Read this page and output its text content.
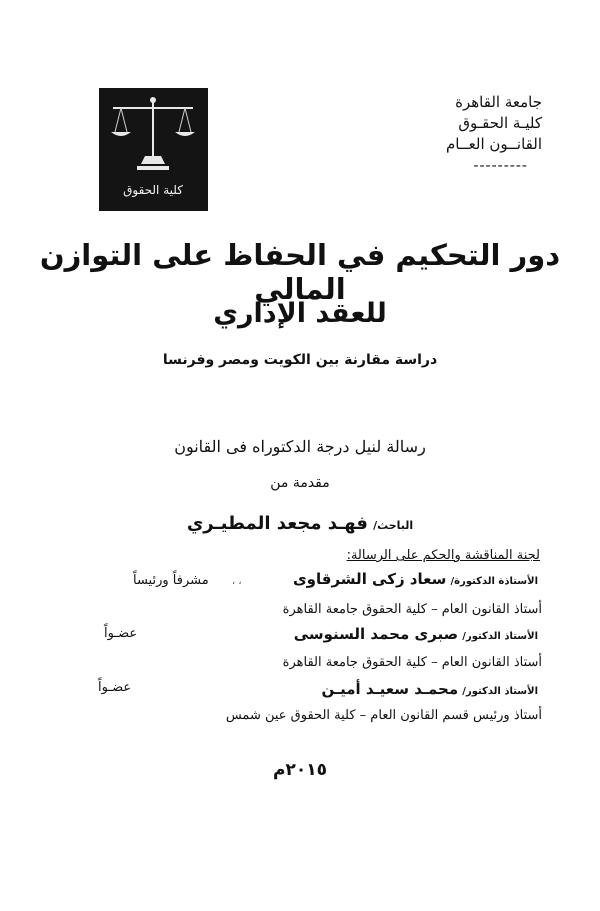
جامعة القاهرة
كليـة الحقـوق
القانــون العــام
---------
كلية الحقوق
دور التحكيم في الحفاظ على التوازن المالي
للعقد الإداري
دراسة مقارنة بين الكويت ومصر وفرنسا
رسالة لنيل درجة الدكتوراه فى القانون
مقدمة من
الباحث/ فهـد مجعد المطيـري
لجنة المناقشة والحكم على الرسالة:
الأستاذة الدكتورة/ سعاد زكى الشرقاوى
، ،
مشرفاً ورئيساً
أستاذ القانون العام – كلية الحقوق جامعة القاهرة
الأستاذ الدكتور/ صبرى محمد السنوسى
عضـواً
أستاذ القانون العام – كلية الحقوق جامعة القاهرة
الأستاذ الدكتور/ محمـد سعيـد أميـن
عضـواً
أستاذ ورئيس قسم القانون العام – كلية الحقوق عين شمس
٢٠١٥م
